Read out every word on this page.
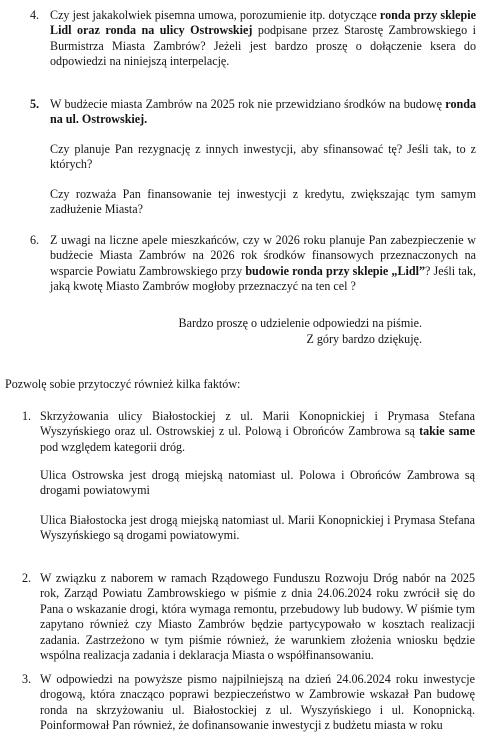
4. Czy jest jakakolwiek pisemna umowa, porozumienie itp. dotyczące ronda przy sklepie Lidl oraz ronda na ulicy Ostrowskiej podpisane przez Starostę Zambrowskiego i Burmistrza Miasta Zambrów? Jeżeli jest bardzo proszę o dołączenie ksera do odpowiedzi na niniejszą interpelację.
5. W budżecie miasta Zambrów na 2025 rok nie przewidziano środków na budowę ronda na ul. Ostrowskiej.

Czy planuje Pan rezygnację z innych inwestycji, aby sfinansować tę? Jeśli tak, to z których?

Czy rozważa Pan finansowanie tej inwestycji z kredytu, zwiększając tym samym zadłużenie Miasta?

6. Z uwagi na liczne apele mieszkańców, czy w 2026 roku planuje Pan zabezpieczenie w budżecie Miasta Zambrów na 2026 rok środków finansowych przeznaczonych na wsparcie Powiatu Zambrowskiego przy budowie ronda przy sklepie „Lidl”? Jeśli tak, jaką kwotę Miasto Zambrów mogłoby przeznaczyć na ten cel ?
Bardzo proszę o udzielenie odpowiedzi na piśmie.
Z góry bardzo dziękuję.
Pozwolę sobie przytoczyć również kilka faktów:
1. Skrzyżowania ulicy Białostockiej z ul. Marii Konopnickiej i Prymasa Stefana Wyszyńskiego oraz ul. Ostrowskiej z ul. Polową i Obrońców Zambrowa są takie same pod względem kategorii dróg.

Ulica Ostrowska jest drogą miejską natomiast ul. Polowa i Obrońców Zambrowa są drogami powiatowymi

Ulica Białostocka jest drogą miejską natomiast ul. Marii Konopnickiej i Prymasa Stefana Wyszyńskiego są drogami powiatowymi.

2. W związku z naborem w ramach Rządowego Funduszu Rozwoju Dróg nabór na 2025 rok, Zarząd Powiatu Zambrowskiego w piśmie z dnia 24.06.2024 roku zwrócił się do Pana o wskazanie drogi, która wymaga remontu, przebudowy lub budowy. W piśmie tym zapytano również czy Miasto Zambrów będzie partycypowało w kosztach realizacji zadania. Zastrzeżono w tym piśmie również, że warunkiem złożenia wniosku będzie wspólna realizacja zadania i deklaracja Miasta o współfinansowaniu.

3. W odpowiedzi na powyższe pismo najpilniejszą na dzień 24.06.2024 roku inwestycje drogową, która znacząco poprawi bezpieczeństwo w Zambrowie wskazał Pan budowę ronda na skrzyżowaniu ul. Białostockiej z ul. Wyszyńskiego i ul. Konopnicką. Poinformował Pan również, że dofinansowanie inwestycji z budżetu miasta w roku
